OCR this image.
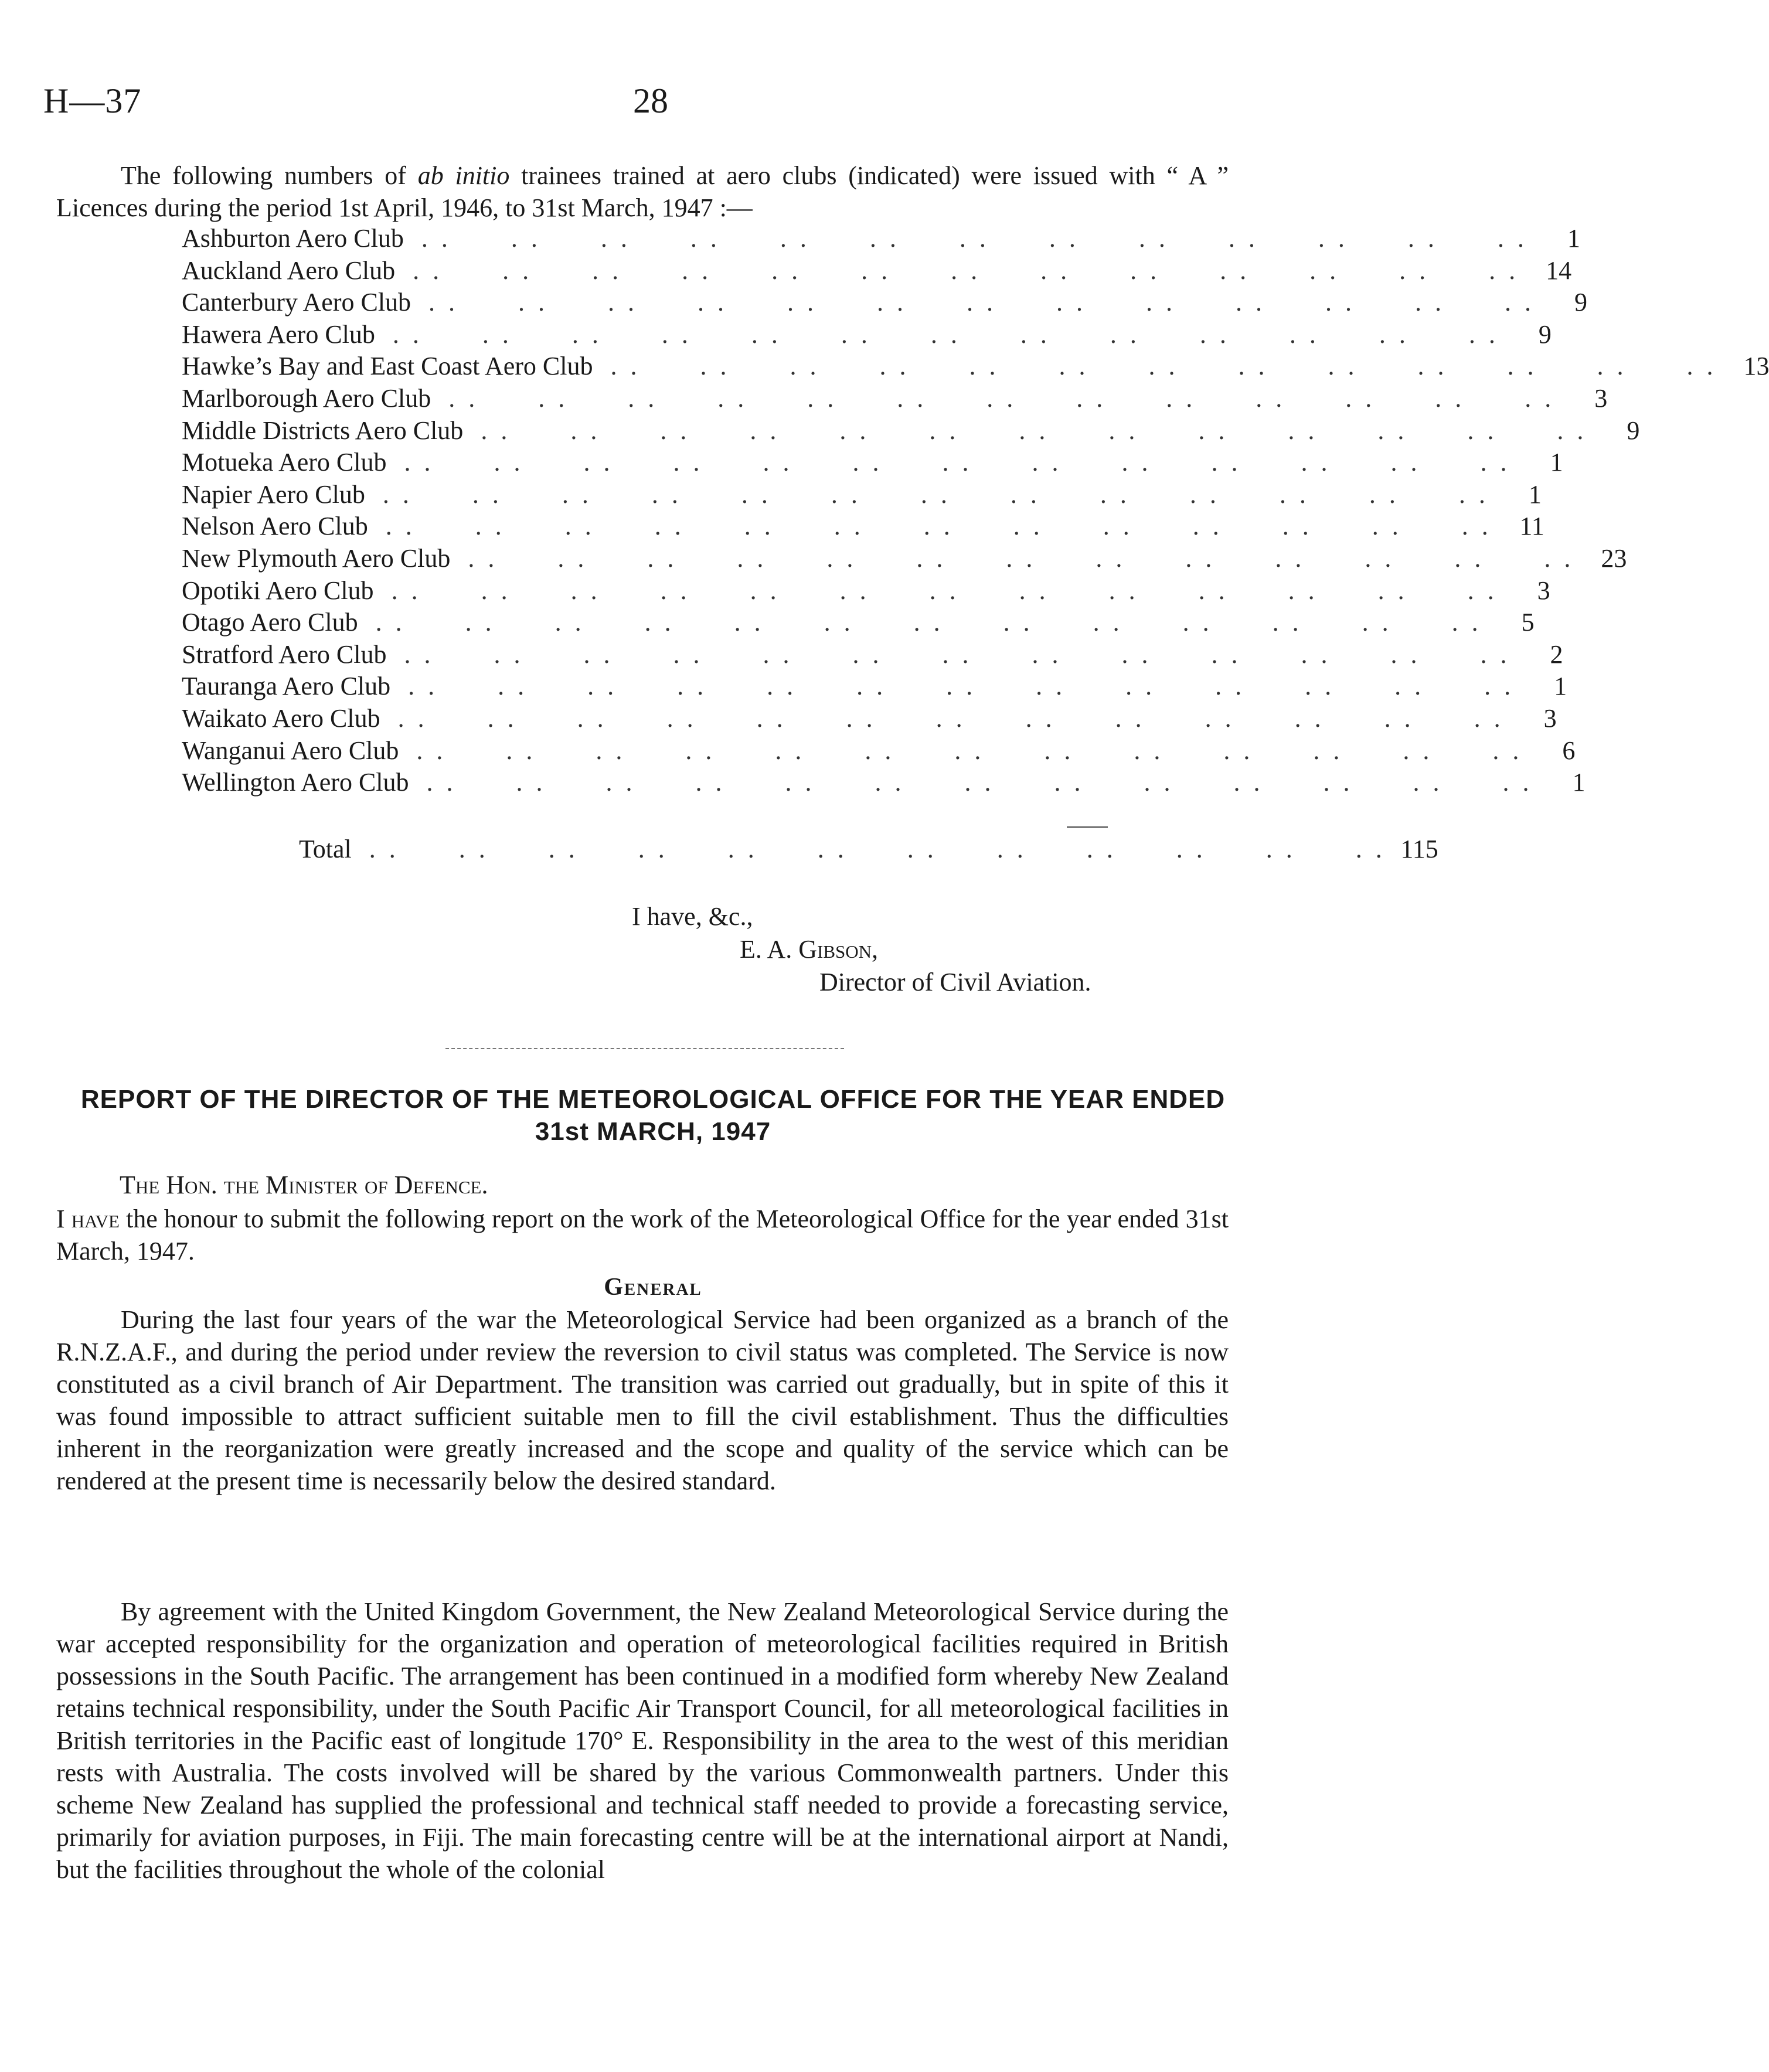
H—37	28

The following numbers of ab initio trainees trained at aero clubs (indicated) were issued with “ A ” Licences during the period 1st April, 1946, to 31st March, 1947 :—

Ashburton Aero Club . .      . .      . .      . .      . .      . .      . .      . .      . .      . .      . .      . .      . .	1
Auckland Aero Club . .      . .      . .      . .      . .      . .      . .      . .      . .      . .      . .      . .      . .	14
Canterbury Aero Club . .      . .      . .      . .      . .      . .      . .      . .      . .      . .      . .      . .      . .	9
Hawera Aero Club . .      . .      . .      . .      . .      . .      . .      . .      . .      . .      . .      . .      . .	9
Hawke’s Bay and East Coast Aero Club . .      . .      . .      . .      . .      . .      . .      . .      . .      . .      . .      . .      . .	13
Marlborough Aero Club . .      . .      . .      . .      . .      . .      . .      . .      . .      . .      . .      . .      . .	3
Middle Districts Aero Club . .      . .      . .      . .      . .      . .      . .      . .      . .      . .      . .      . .      . .	9
Motueka Aero Club . .      . .      . .      . .      . .      . .      . .      . .      . .      . .      . .      . .      . .	1
Napier Aero Club . .      . .      . .      . .      . .      . .      . .      . .      . .      . .      . .      . .      . .	1
Nelson Aero Club . .      . .      . .      . .      . .      . .      . .      . .      . .      . .      . .      . .      . .	11
New Plymouth Aero Club . .      . .      . .      . .      . .      . .      . .      . .      . .      . .      . .      . .      . .	23
Opotiki Aero Club . .      . .      . .      . .      . .      . .      . .      . .      . .      . .      . .      . .      . .	3
Otago Aero Club . .      . .      . .      . .      . .      . .      . .      . .      . .      . .      . .      . .      . .	5
Stratford Aero Club . .      . .      . .      . .      . .      . .      . .      . .      . .      . .      . .      . .      . .	2
Tauranga Aero Club . .      . .      . .      . .      . .      . .      . .      . .      . .      . .      . .      . .      . .	1
Waikato Aero Club . .      . .      . .      . .      . .      . .      . .      . .      . .      . .      . .      . .      . .	3
Wanganui Aero Club . .      . .      . .      . .      . .      . .      . .      . .      . .      . .      . .      . .      . .	6
Wellington Aero Club . .      . .      . .      . .      . .      . .      . .      . .      . .      . .      . .      . .      . .	1
Total . .      . .      . .      . .      . .      . .      . .      . .      . .      . .      . .      . . 115
I have, &c.,
E. A. Gibson,
Director of Civil Aviation.
REPORT OF THE DIRECTOR OF THE METEOROLOGICAL OFFICE FOR THE YEAR ENDED 31st MARCH, 1947
The Hon. the Minister of Defence.

I have the honour to submit the following report on the work of the Meteorological Office for the year ended 31st March, 1947.

General

During the last four years of the war the Meteorological Service had been organized as a branch of the R.N.Z.A.F., and during the period under review the reversion to civil status was completed. The Service is now constituted as a civil branch of Air Department. The transition was carried out gradually, but in spite of this it was found impossible to attract sufficient suitable men to fill the civil establishment. Thus the difficulties inherent in the reorganization were greatly increased and the scope and quality of the service which can be rendered at the present time is necessarily below the desired standard.

By agreement with the United Kingdom Government, the New Zealand Meteorological Service during the war accepted responsibility for the organization and operation of meteorological facilities required in British possessions in the South Pacific. The arrangement has been continued in a modified form whereby New Zealand retains technical responsibility, under the South Pacific Air Transport Council, for all meteorological facilities in British territories in the Pacific east of longitude 170° E. Responsibility in the area to the west of this meridian rests with Australia. The costs involved will be shared by the various Commonwealth partners. Under this scheme New Zealand has supplied the professional and technical staff needed to provide a forecasting service, primarily for aviation purposes, in Fiji. The main forecasting centre will be at the international airport at Nandi, but the facilities throughout the whole of the colonial
